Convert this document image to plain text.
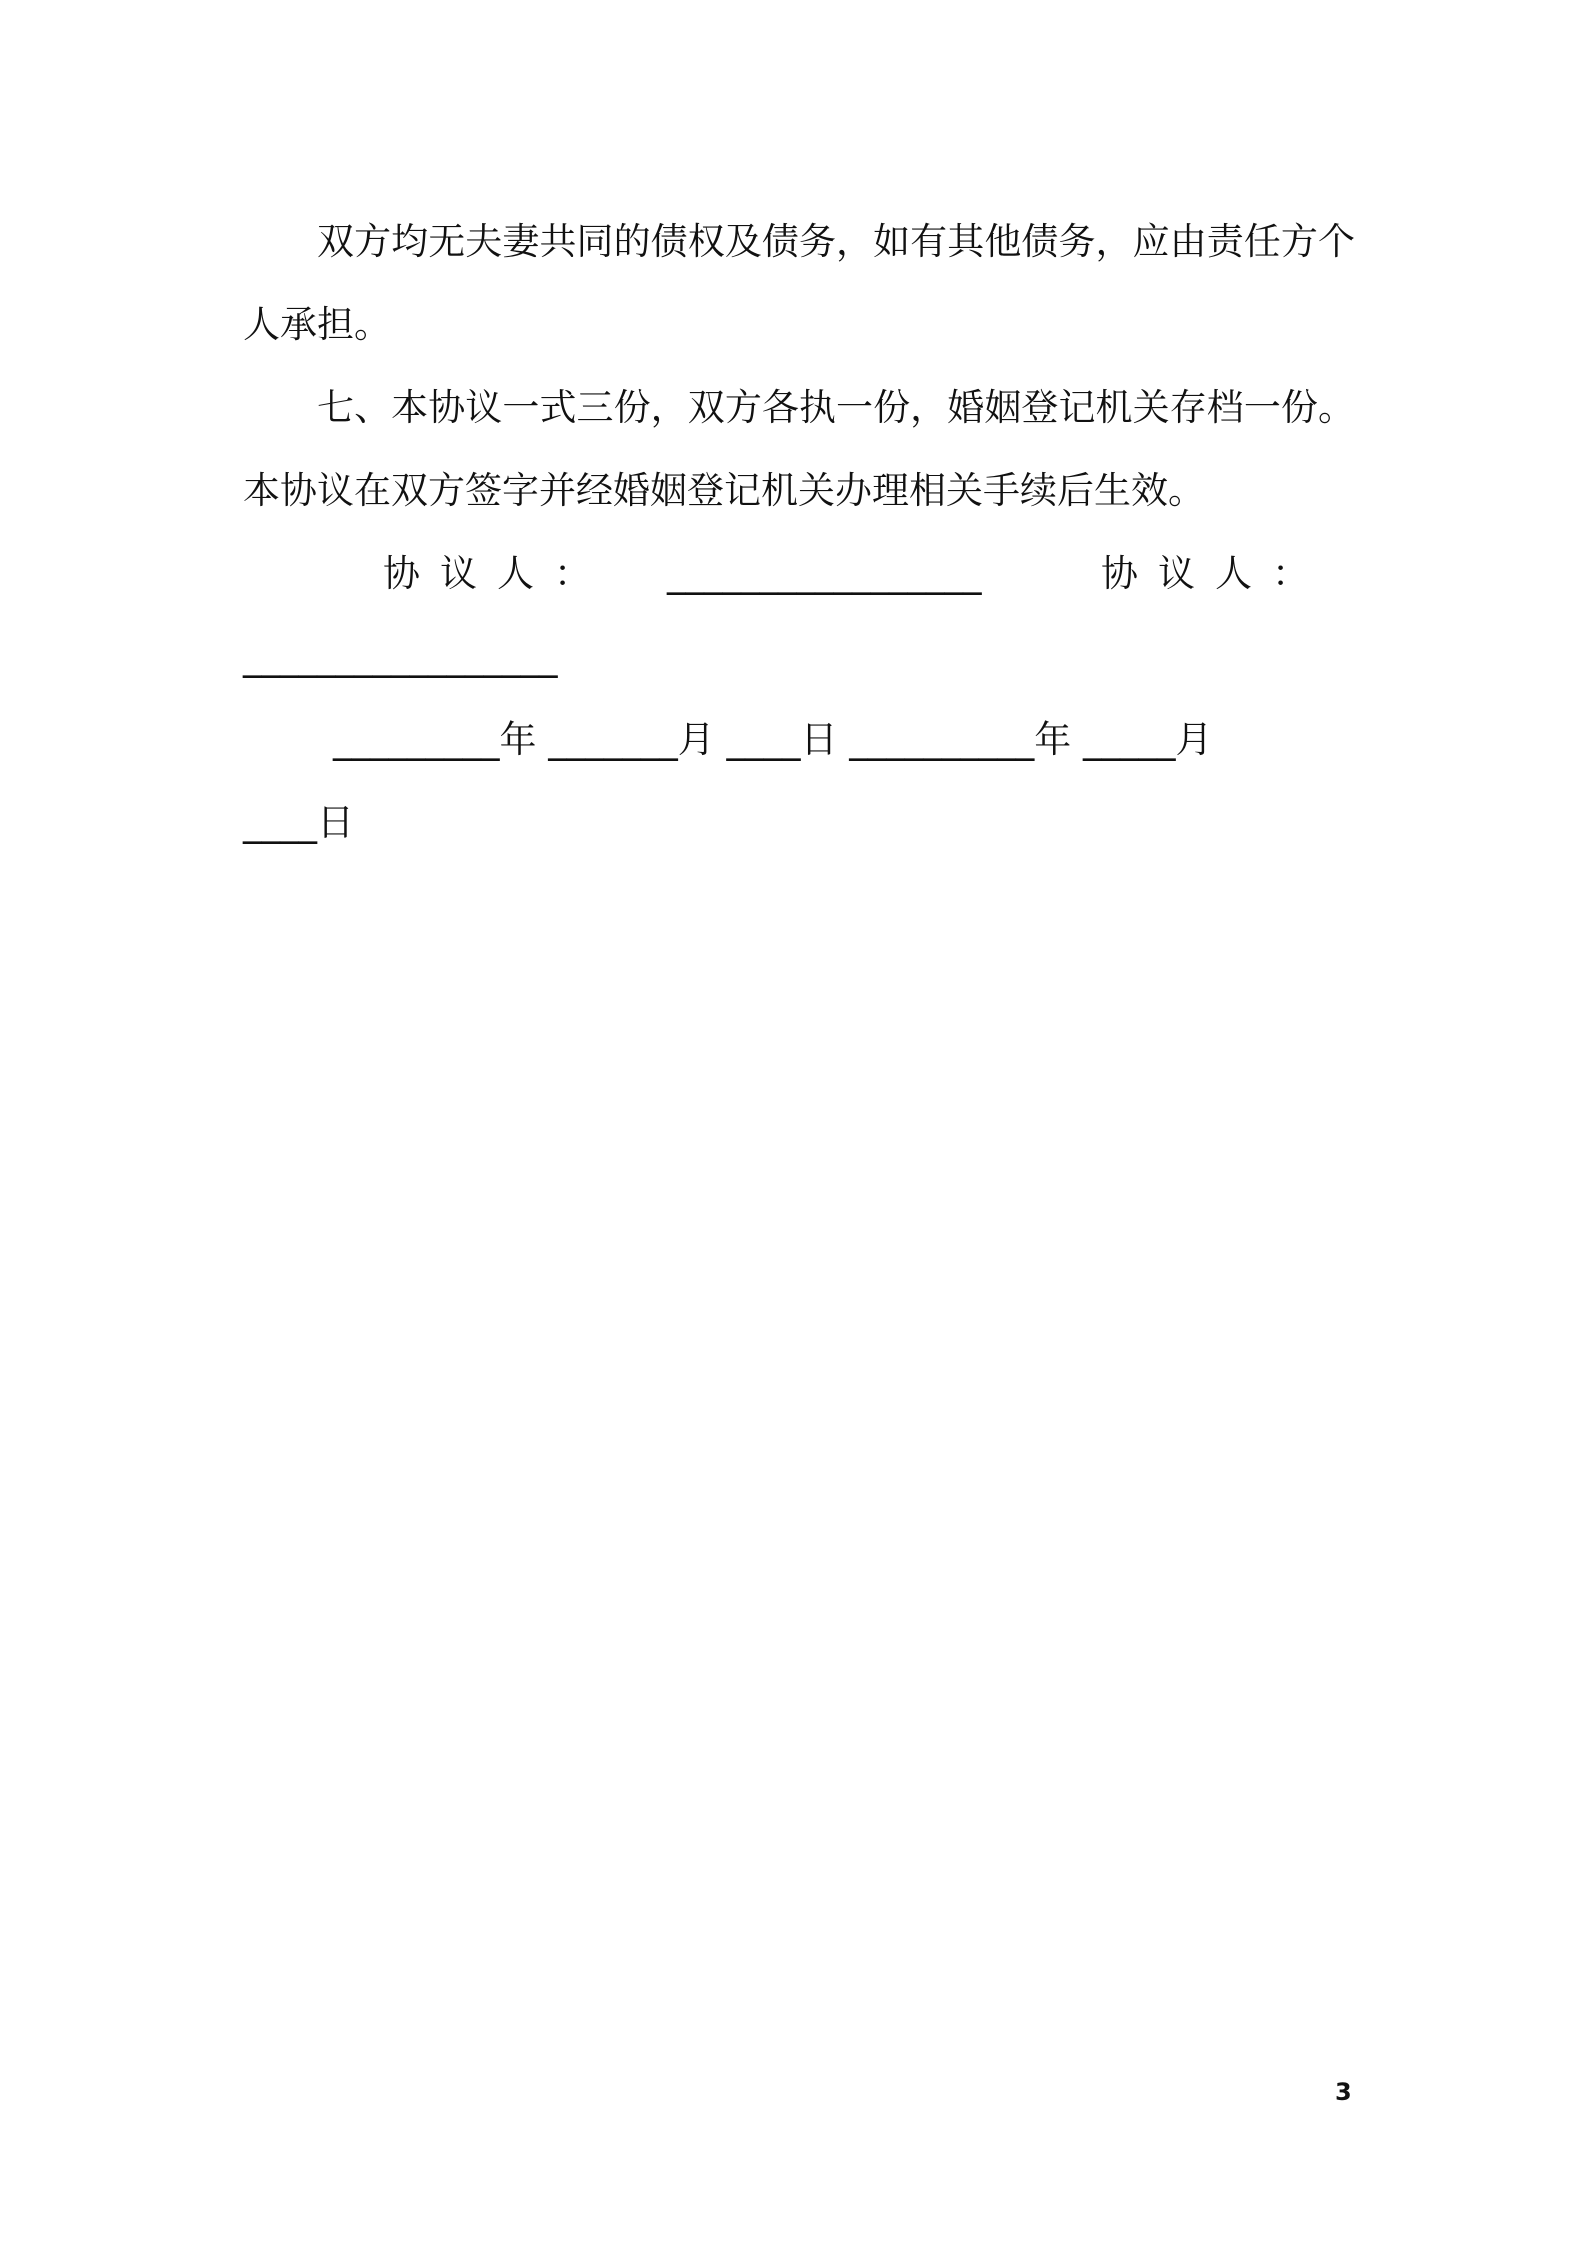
双方均无夫妻共同的债权及债务，如有其他债务，应由责任方个人承担。

七、本协议一式三份，双方各执一份，婚姻登记机关存档一份。本协议在双方签字并经婚姻登记机关办理相关手续后生效。

协议人： _________________	协议人：
_________________
_________年 _______月 ____日 __________年 _____月
____日
3
